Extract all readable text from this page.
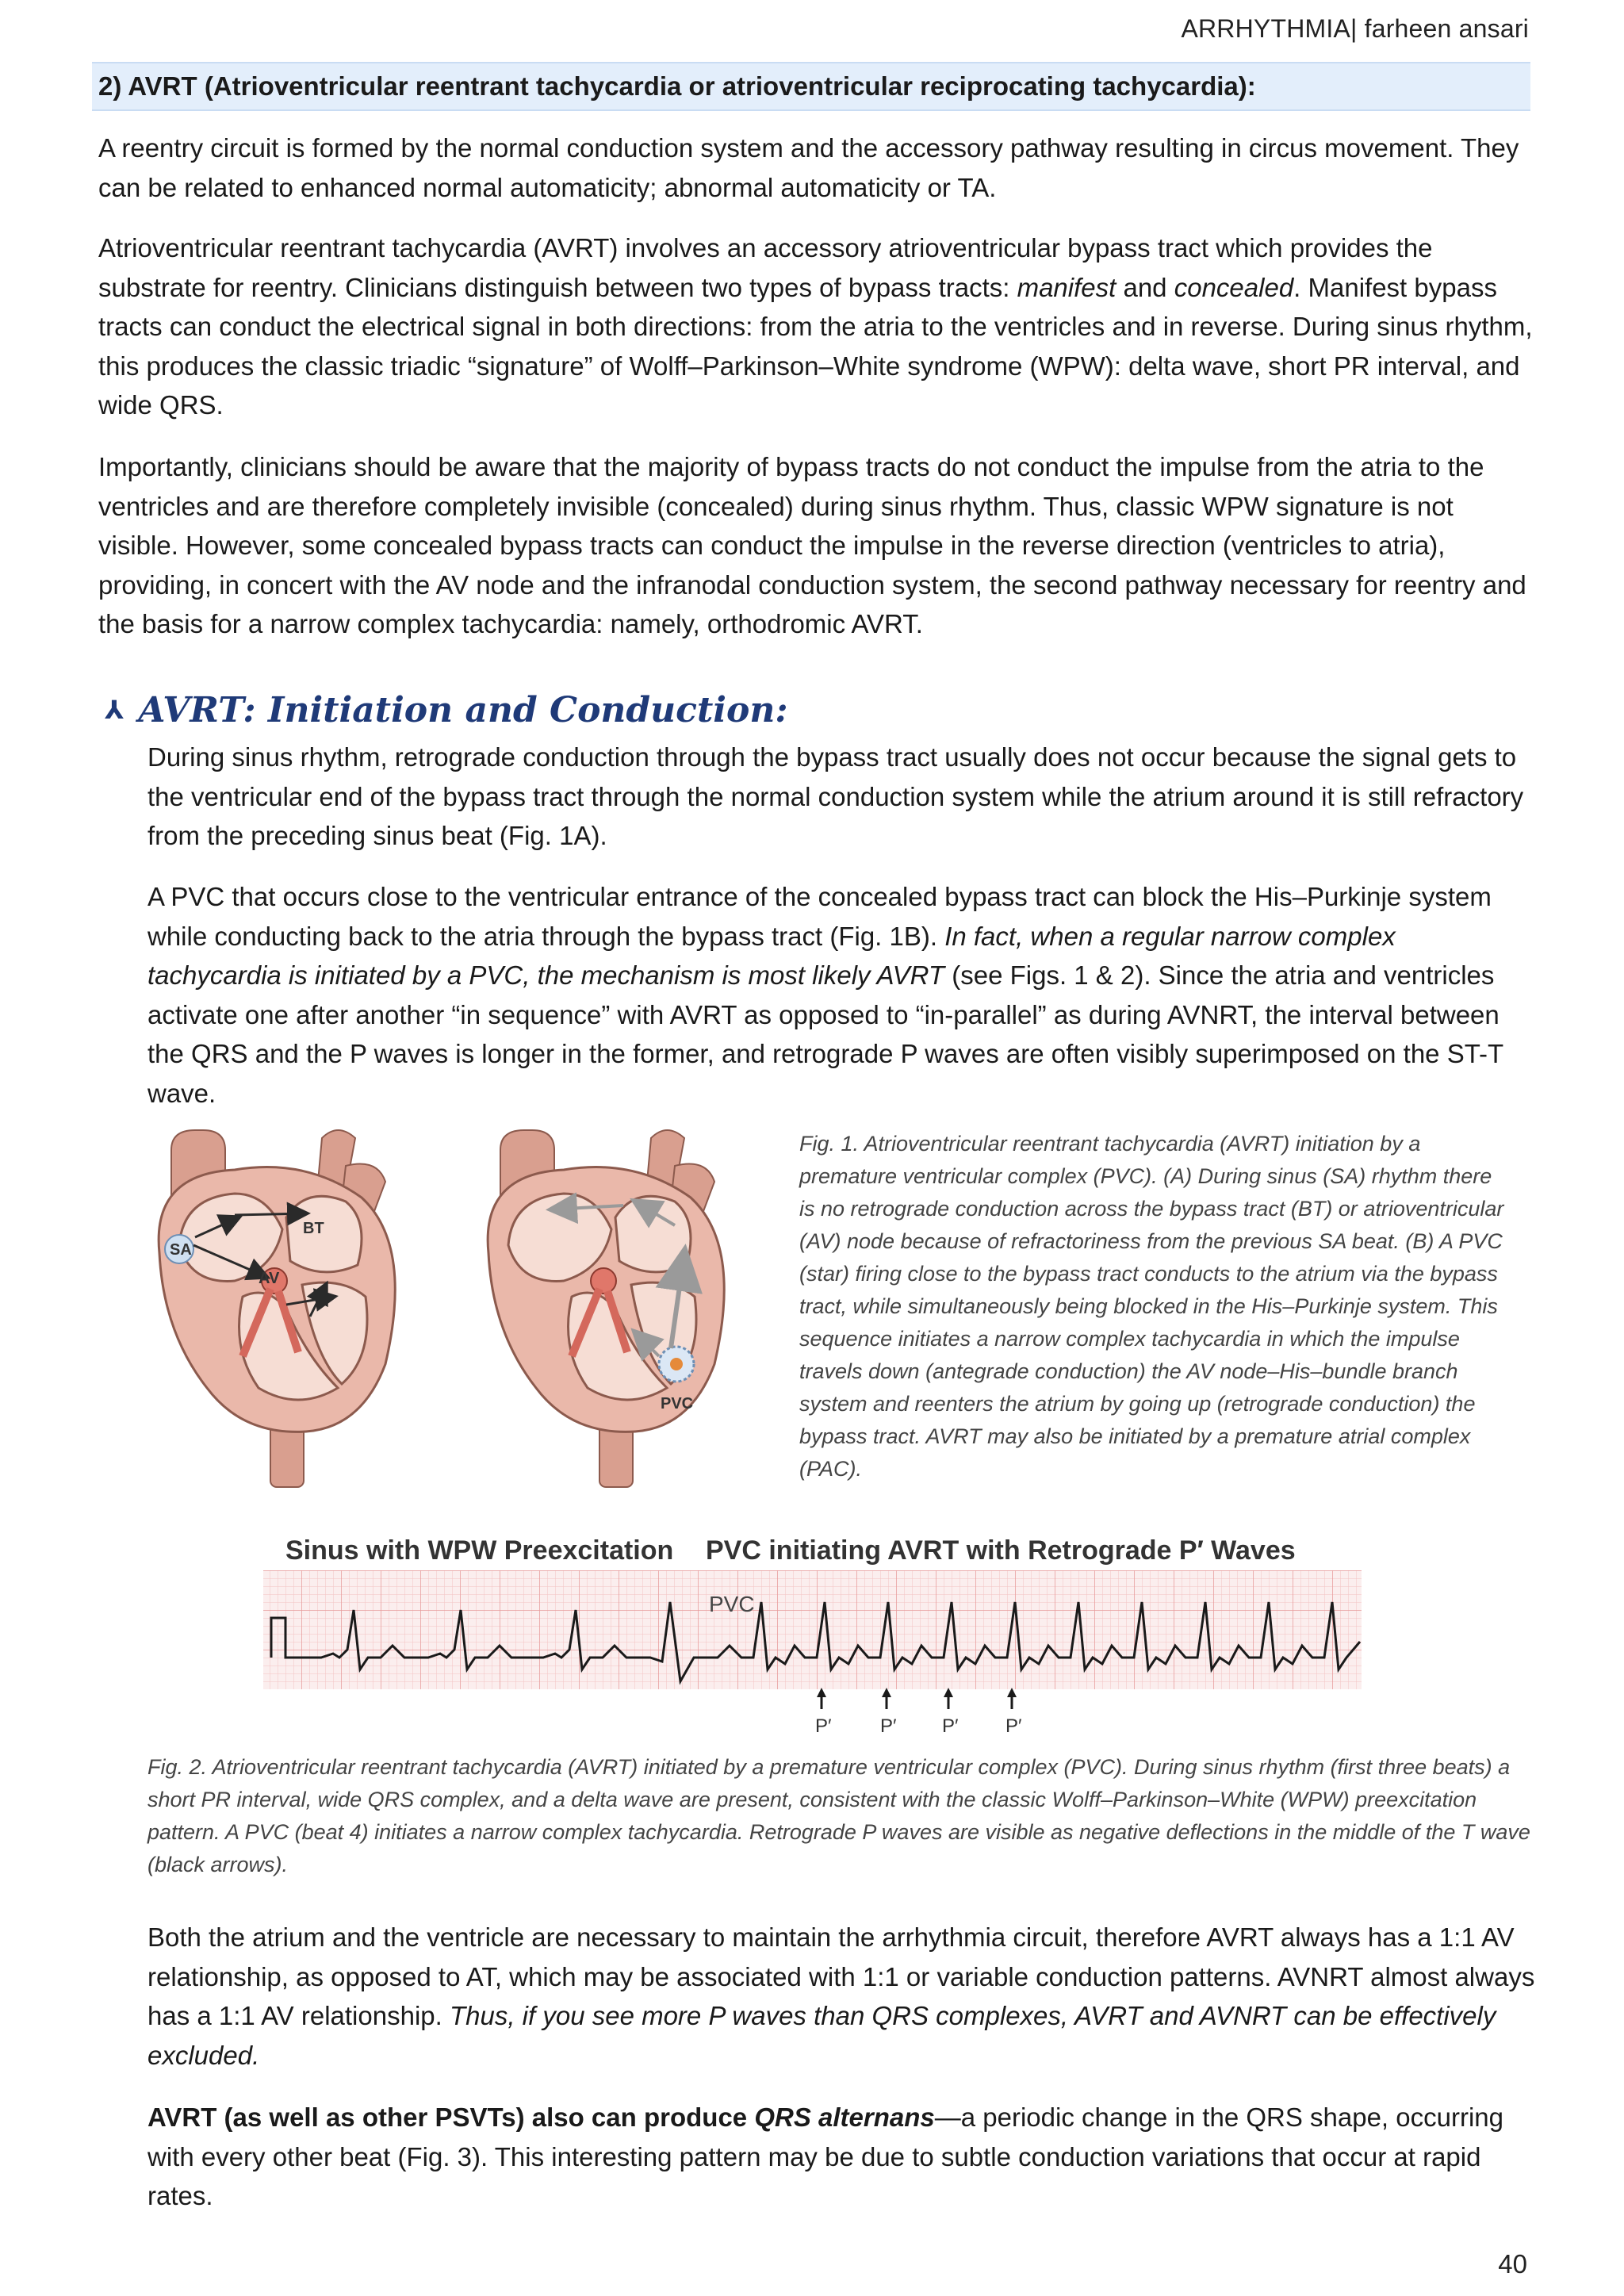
ARRHYTHMIA| farheen ansari
2) AVRT (Atrioventricular reentrant tachycardia or atrioventricular reciprocating tachycardia):

A reentry circuit is formed by the normal conduction system and the accessory pathway resulting in circus movement. They can be related to enhanced normal automaticity; abnormal automaticity or TA.

Atrioventricular reentrant tachycardia (AVRT) involves an accessory atrioventricular bypass tract which provides the substrate for reentry. Clinicians distinguish between two types of bypass tracts: manifest and concealed. Manifest bypass tracts can conduct the electrical signal in both directions: from the atria to the ventricles and in reverse. During sinus rhythm, this produces the classic triadic “signature” of Wolff–Parkinson–White syndrome (WPW): delta wave, short PR interval, and wide QRS.

Importantly, clinicians should be aware that the majority of bypass tracts do not conduct the impulse from the atria to the ventricles and are therefore completely invisible (concealed) during sinus rhythm. Thus, classic WPW signature is not visible. However, some concealed bypass tracts can conduct the impulse in the reverse direction (ventricles to atria), providing, in concert with the AV node and the infranodal conduction system, the second pathway necessary for reentry and the basis for a narrow complex tachycardia: namely, orthodromic AVRT.

⅄ AVRT: Initiation and Conduction:

During sinus rhythm, retrograde conduction through the bypass tract usually does not occur because the signal gets to the ventricular end of the bypass tract through the normal conduction system while the atrium around it is still refractory from the preceding sinus beat (Fig. 1A).

A PVC that occurs close to the ventricular entrance of the concealed bypass tract can block the His–Purkinje system while conducting back to the atria through the bypass tract (Fig. 1B). In fact, when a regular narrow complex tachycardia is initiated by a PVC, the mechanism is most likely AVRT (see Figs. 1 & 2). Since the atria and ventricles activate one after another “in sequence” with AVRT as opposed to “in-parallel” as during AVNRT, the interval between the QRS and the P waves is longer in the former, and retrograde P waves are often visibly superimposed on the ST-T wave.

BT
SA
AV
PVC

Fig. 1. Atrioventricular reentrant tachycardia (AVRT) initiation by a premature ventricular complex (PVC). (A) During sinus (SA) rhythm there is no retrograde conduction across the bypass tract (BT) or atrioventricular (AV) node because of refractoriness from the previous SA beat. (B) A PVC (star) firing close to the bypass tract conducts to the atrium via the bypass tract, while simultaneously being blocked in the His–Purkinje system. This sequence initiates a narrow complex tachycardia in which the impulse travels down (antegrade conduction) the AV node–His–bundle branch system and reenters the atrium by going up (retrograde conduction) the bypass tract. AVRT may also be initiated by a premature atrial complex (PAC).

Sinus with WPW Preexcitation PVC initiating AVRT with Retrograde P′ Waves
PVC
P′	P′ P′ P′

Fig. 2. Atrioventricular reentrant tachycardia (AVRT) initiated by a premature ventricular complex (PVC). During sinus rhythm (first three beats) a short PR interval, wide QRS complex, and a delta wave are present, consistent with the classic Wolff–Parkinson–White (WPW) preexcitation pattern. A PVC (beat 4) initiates a narrow complex tachycardia. Retrograde P waves are visible as negative deflections in the middle of the T wave (black arrows).

Both the atrium and the ventricle are necessary to maintain the arrhythmia circuit, therefore AVRT always has a 1:1 AV relationship, as opposed to AT, which may be associated with 1:1 or variable conduction patterns. AVNRT almost always has a 1:1 AV relationship. Thus, if you see more P waves than QRS complexes, AVRT and AVNRT can be effectively excluded.

AVRT (as well as other PSVTs) also can produce QRS alternans—a periodic change in the QRS shape, occurring with every other beat (Fig. 3). This interesting pattern may be due to subtle conduction variations that occur at rapid rates.

40
